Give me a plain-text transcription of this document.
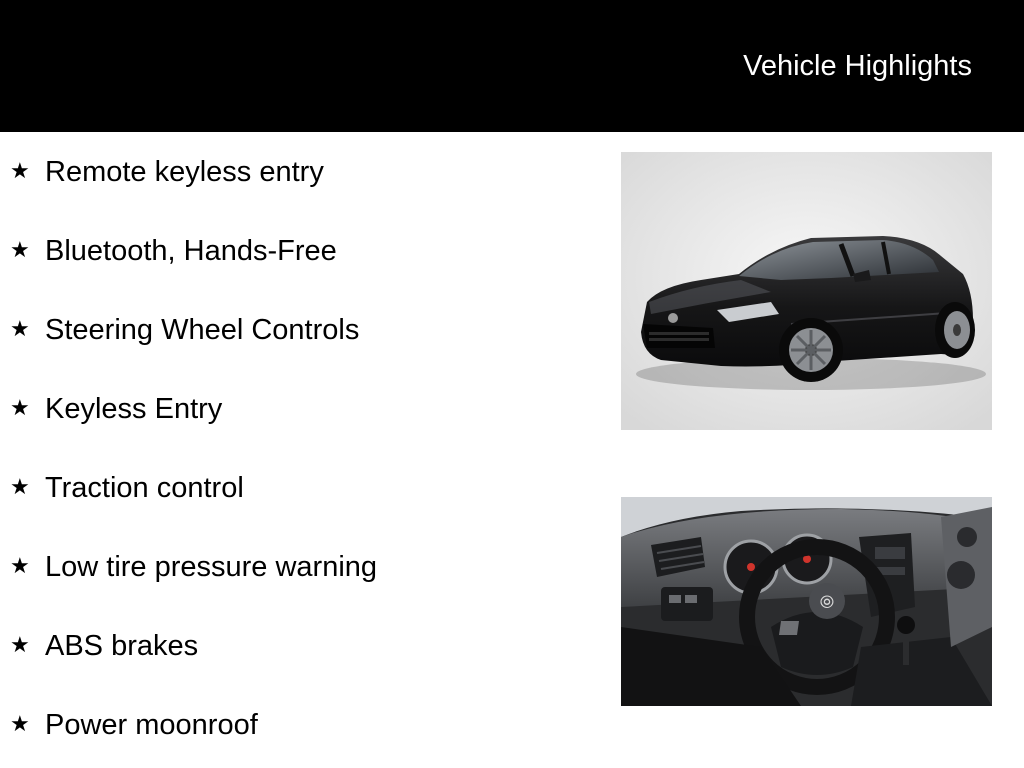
Vehicle Highlights
★ Remote keyless entry
★ Bluetooth, Hands-Free
★ Steering Wheel Controls
★ Keyless Entry
★ Traction control
★ Low tire pressure warning
★ ABS brakes
★ Power moonroof
⦾
